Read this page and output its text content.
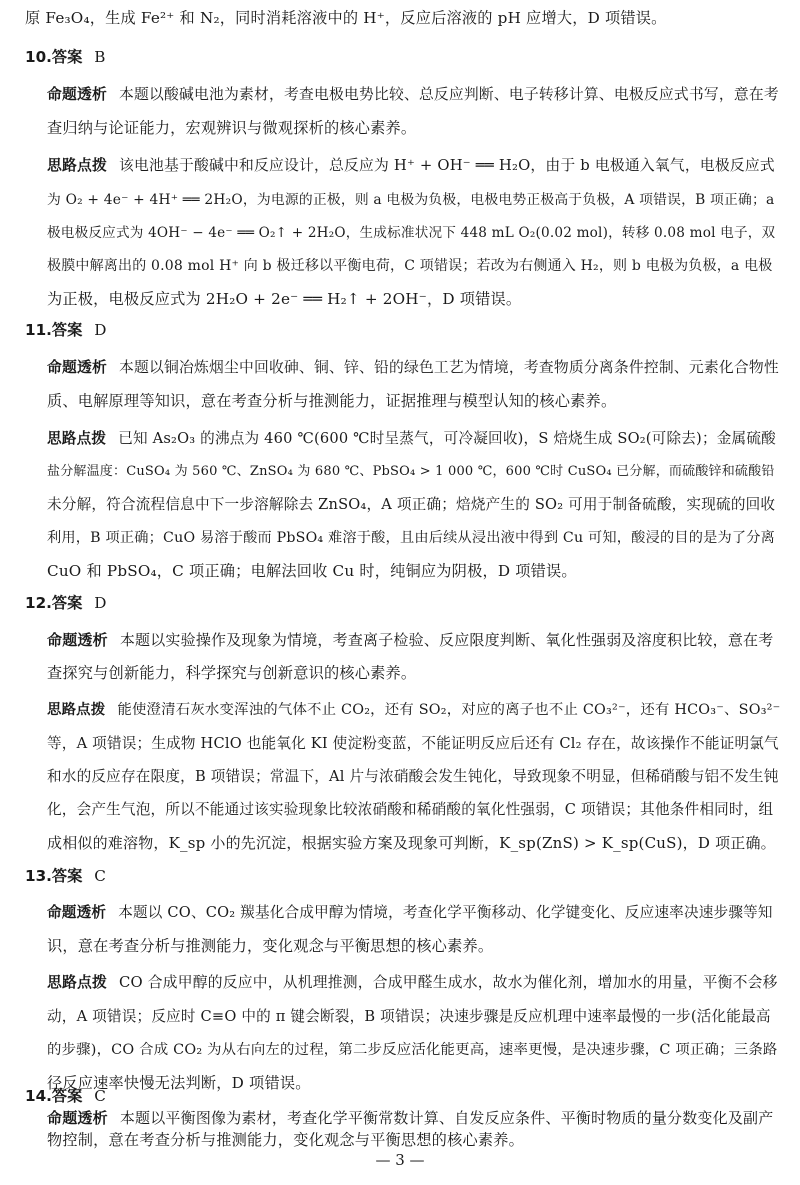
原 Fe₃O₄，生成 Fe²⁺ 和 N₂，同时消耗溶液中的 H⁺，反应后溶液的 pH 应增大，D 项错误。
10.答案 B
命题透析 本题以酸碱电池为素材，考查电极电势比较、总反应判断、电子转移计算、电极反应式书写，意在考
查归纳与论证能力，宏观辨识与微观探析的核心素养。
思路点拨 该电池基于酸碱中和反应设计，总反应为 H⁺ + OH⁻ ══ H₂O，由于 b 电极通入氧气，电极反应式
为 O₂ + 4e⁻ + 4H⁺ ══ 2H₂O，为电源的正极，则 a 电极为负极，电极电势正极高于负极，A 项错误，B 项正确；a
极电极反应式为 4OH⁻ − 4e⁻ ══ O₂↑ + 2H₂O，生成标准状况下 448 mL O₂(0.02 mol)，转移 0.08 mol 电子，双
极膜中解离出的 0.08 mol H⁺ 向 b 极迁移以平衡电荷，C 项错误；若改为右侧通入 H₂，则 b 电极为负极，a 电极
为正极，电极反应式为 2H₂O + 2e⁻ ══ H₂↑ + 2OH⁻，D 项错误。
11.答案 D
命题透析 本题以铜冶炼烟尘中回收砷、铜、锌、铅的绿色工艺为情境，考查物质分离条件控制、元素化合物性
质、电解原理等知识，意在考查分析与推测能力，证据推理与模型认知的核心素养。
思路点拨 已知 As₂O₃ 的沸点为 460 ℃(600 ℃时呈蒸气，可冷凝回收)，S 焙烧生成 SO₂(可除去)；金属硫酸
盐分解温度：CuSO₄ 为 560 ℃、ZnSO₄ 为 680 ℃、PbSO₄ > 1 000 ℃，600 ℃时 CuSO₄ 已分解，而硫酸锌和硫酸铅
未分解，符合流程信息中下一步溶解除去 ZnSO₄，A 项正确；焙烧产生的 SO₂ 可用于制备硫酸，实现硫的回收
利用，B 项正确；CuO 易溶于酸而 PbSO₄ 难溶于酸，且由后续从浸出液中得到 Cu 可知，酸浸的目的是为了分离
CuO 和 PbSO₄，C 项正确；电解法回收 Cu 时，纯铜应为阴极，D 项错误。
12.答案 D
命题透析 本题以实验操作及现象为情境，考查离子检验、反应限度判断、氧化性强弱及溶度积比较，意在考
查探究与创新能力，科学探究与创新意识的核心素养。
思路点拨 能使澄清石灰水变浑浊的气体不止 CO₂，还有 SO₂，对应的离子也不止 CO₃²⁻，还有 HCO₃⁻、SO₃²⁻
等，A 项错误；生成物 HClO 也能氧化 KI 使淀粉变蓝，不能证明反应后还有 Cl₂ 存在，故该操作不能证明氯气
和水的反应存在限度，B 项错误；常温下，Al 片与浓硝酸会发生钝化，导致现象不明显，但稀硝酸与铝不发生钝
化，会产生气泡，所以不能通过该实验现象比较浓硝酸和稀硝酸的氧化性强弱，C 项错误；其他条件相同时，组
成相似的难溶物，K_sp 小的先沉淀，根据实验方案及现象可判断，K_sp(ZnS) > K_sp(CuS)，D 项正确。
13.答案 C
命题透析 本题以 CO、CO₂ 羰基化合成甲醇为情境，考查化学平衡移动、化学键变化、反应速率决速步骤等知
识，意在考查分析与推测能力，变化观念与平衡思想的核心素养。
思路点拨 CO 合成甲醇的反应中，从机理推测，合成甲醛生成水，故水为催化剂，增加水的用量，平衡不会移
动，A 项错误；反应时 C≡O 中的 π 键会断裂，B 项错误；决速步骤是反应机理中速率最慢的一步(活化能最高
的步骤)，CO 合成 CO₂ 为从右向左的过程，第二步反应活化能更高，速率更慢，是决速步骤，C 项正确；三条路
径反应速率快慢无法判断，D 项错误。
14.答案 C
命题透析 本题以平衡图像为素材，考查化学平衡常数计算、自发反应条件、平衡时物质的量分数变化及副产
物控制，意在考查分析与推测能力，变化观念与平衡思想的核心素养。
— 3 —
